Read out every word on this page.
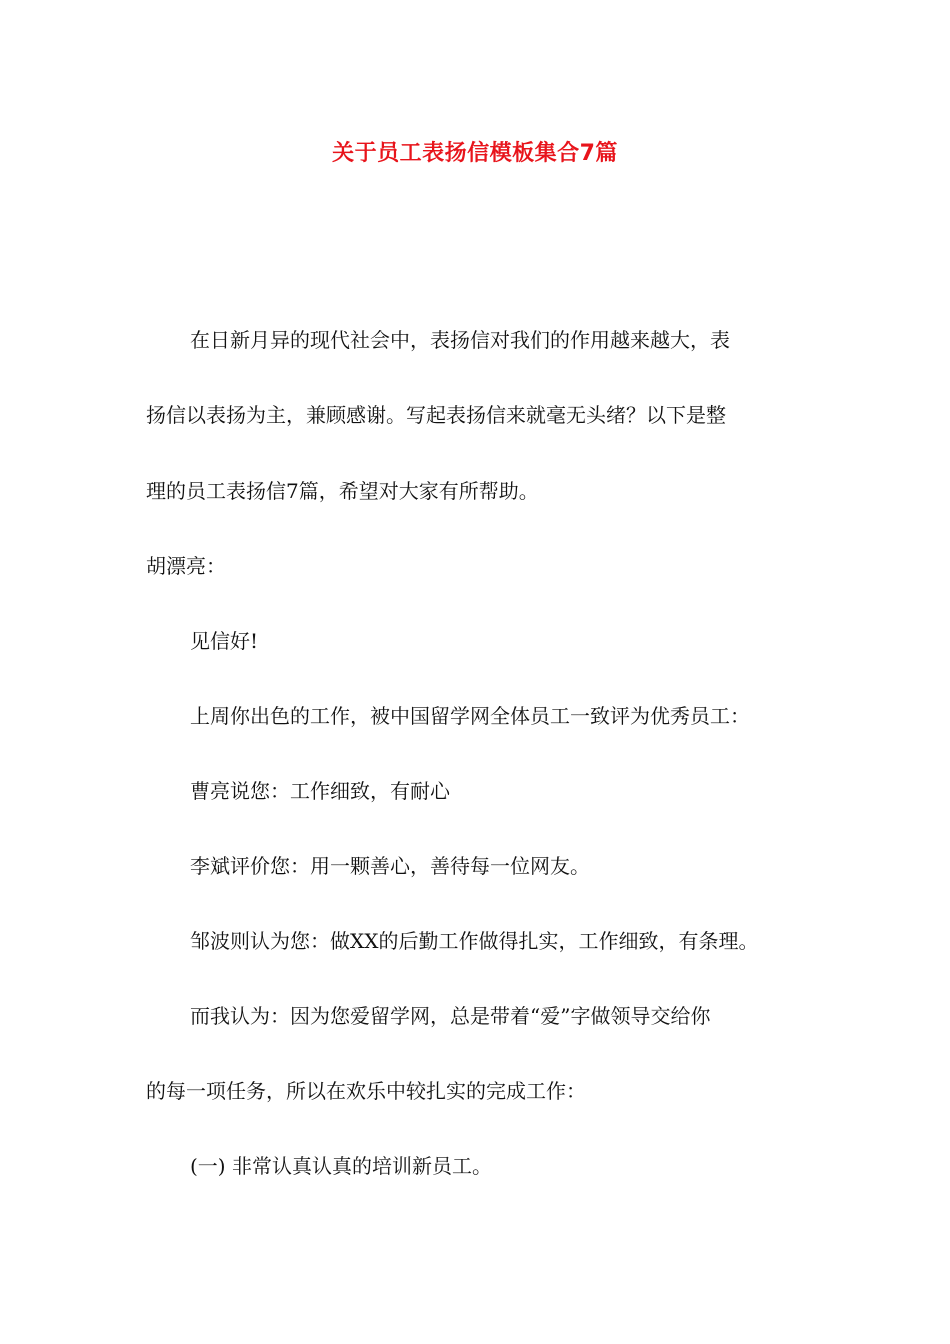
关于员工表扬信模板集合7篇
在日新月异的现代社会中，表扬信对我们的作用越来越大，表
扬信以表扬为主，兼顾感谢。写起表扬信来就毫无头绪？以下是整
理的员工表扬信7篇，希望对大家有所帮助。
胡漂亮：
见信好!
上周你出色的工作，被中国留学网全体员工一致评为优秀员工：
曹亮说您：工作细致，有耐心
李斌评价您：用一颗善心，善待每一位网友。
邹波则认为您：做XX的后勤工作做得扎实，工作细致，有条理。
而我认为：因为您爱留学网，总是带着“爱”字做领导交给你
的每一项任务，所以在欢乐中较扎实的完成工作：
(一) 非常认真认真的培训新员工。
